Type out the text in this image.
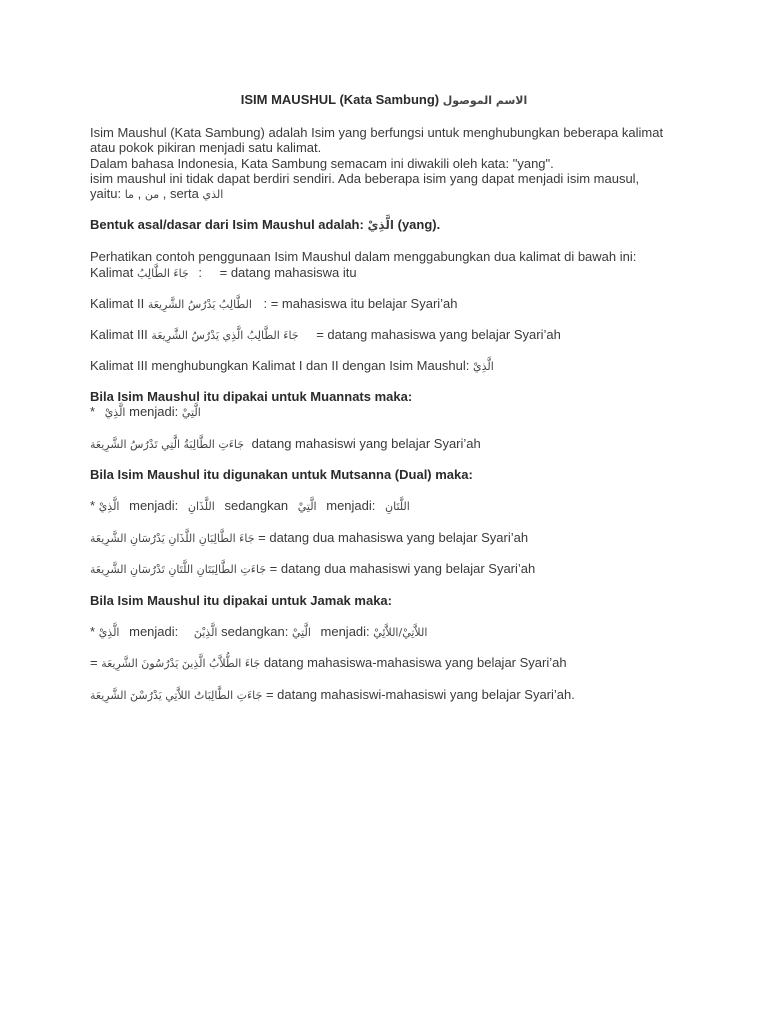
ISIM MAUSHUL (Kata Sambung) الاسم الموصول
Isim Maushul (Kata Sambung) adalah Isim yang berfungsi untuk menghubungkan beberapa kalimat
atau pokok pikiran menjadi satu kalimat.
Dalam bahasa Indonesia, Kata Sambung semacam ini diwakili oleh kata: "yang".
isim maushul ini tidak dapat berdiri sendiri. Ada beberapa isim yang dapat menjadi isim mausul,
yaitu: ما , من , serta الذي
Bentuk asal/dasar dari Isim Maushul adalah: الَّذِيْ (yang).
Perhatikan contoh penggunaan Isim Maushul dalam menggabungkan dua kalimat di bawah ini:
Kalimat جَاءَ الطَّالِبُ : = datang mahasiswa itu
Kalimat II الطَّالِبُ يَدْرُسُ الشَّرِيعَة : = mahasiswa itu belajar Syari’ah
Kalimat III جَاءَ الطَّالِبُ الَّذِي يَدْرُسُ الشَّرِيعَة = datang mahasiswa yang belajar Syari’ah
Kalimat III menghubungkan Kalimat I dan II dengan Isim Maushul: الَّذِيْ
Bila Isim Maushul itu dipakai untuk Muannats maka:
* الَّذِيْ menjadi: الَّتِيْ
جَاءَتِ الطَّالِبَةُ الَّتِي تَدْرُسُ الشَّرِيعَة datang mahasiswi yang belajar Syari’ah
Bila Isim Maushul itu digunakan untuk Mutsanna (Dual) maka:
* الَّذِيْ menjadi: اللَّذَانِ sedangkan الَّتِيْ menjadi: اللَّتَانِ
جَاءَ الطَّالِبَانِ اللَّذَانِ يَدْرُسَانِ الشَّرِيعَة = datang dua mahasiswa yang belajar Syari’ah
جَاءَتِ الطَّالِبَتَانِ اللَّتَانِ تَدْرُسَانِ الشَّرِيعَة = datang dua mahasiswi yang belajar Syari’ah
Bila Isim Maushul itu dipakai untuk Jamak maka:
* الَّذِيْ menjadi: الَّذِيْنَ sedangkan: الَّتِيْ menjadi: اللاَّتِيْ/اللاَّئِيْ
= جَاءَ الطُّلاَّبُ الَّذِينَ يَدْرُسُونَ الشَّرِيعَة datang mahasiswa-mahasiswa yang belajar Syari’ah
جَاءَتِ الطَّالِبَاتُ اللاَّتِي يَدْرُسْنَ الشَّرِيعَة = datang mahasiswi-mahasiswi yang belajar Syari’ah.
